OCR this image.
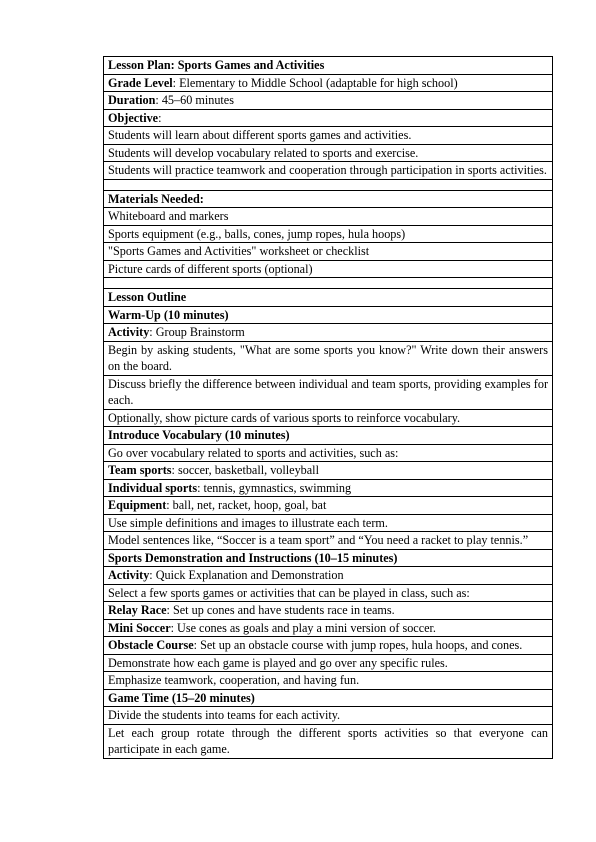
Lesson Plan: Sports Games and Activities
Grade Level: Elementary to Middle School (adaptable for high school)
Duration: 45–60 minutes
Objective:
Students will learn about different sports games and activities.
Students will develop vocabulary related to sports and exercise.
Students will practice teamwork and cooperation through participation in sports activities.

Materials Needed:
Whiteboard and markers
Sports equipment (e.g., balls, cones, jump ropes, hula hoops)
"Sports Games and Activities" worksheet or checklist
Picture cards of different sports (optional)

Lesson Outline
Warm-Up (10 minutes)
Activity: Group Brainstorm
Begin by asking students, "What are some sports you know?" Write down their answers on the board.
Discuss briefly the difference between individual and team sports, providing examples for each.
Optionally, show picture cards of various sports to reinforce vocabulary.
Introduce Vocabulary (10 minutes)
Go over vocabulary related to sports and activities, such as:
Team sports: soccer, basketball, volleyball
Individual sports: tennis, gymnastics, swimming
Equipment: ball, net, racket, hoop, goal, bat
Use simple definitions and images to illustrate each term.
Model sentences like, “Soccer is a team sport” and “You need a racket to play tennis.”
Sports Demonstration and Instructions (10–15 minutes)
Activity: Quick Explanation and Demonstration
Select a few sports games or activities that can be played in class, such as:
Relay Race: Set up cones and have students race in teams.
Mini Soccer: Use cones as goals and play a mini version of soccer.
Obstacle Course: Set up an obstacle course with jump ropes, hula hoops, and cones.
Demonstrate how each game is played and go over any specific rules.
Emphasize teamwork, cooperation, and having fun.
Game Time (15–20 minutes)
Divide the students into teams for each activity.
Let each group rotate through the different sports activities so that everyone can participate in each game.
